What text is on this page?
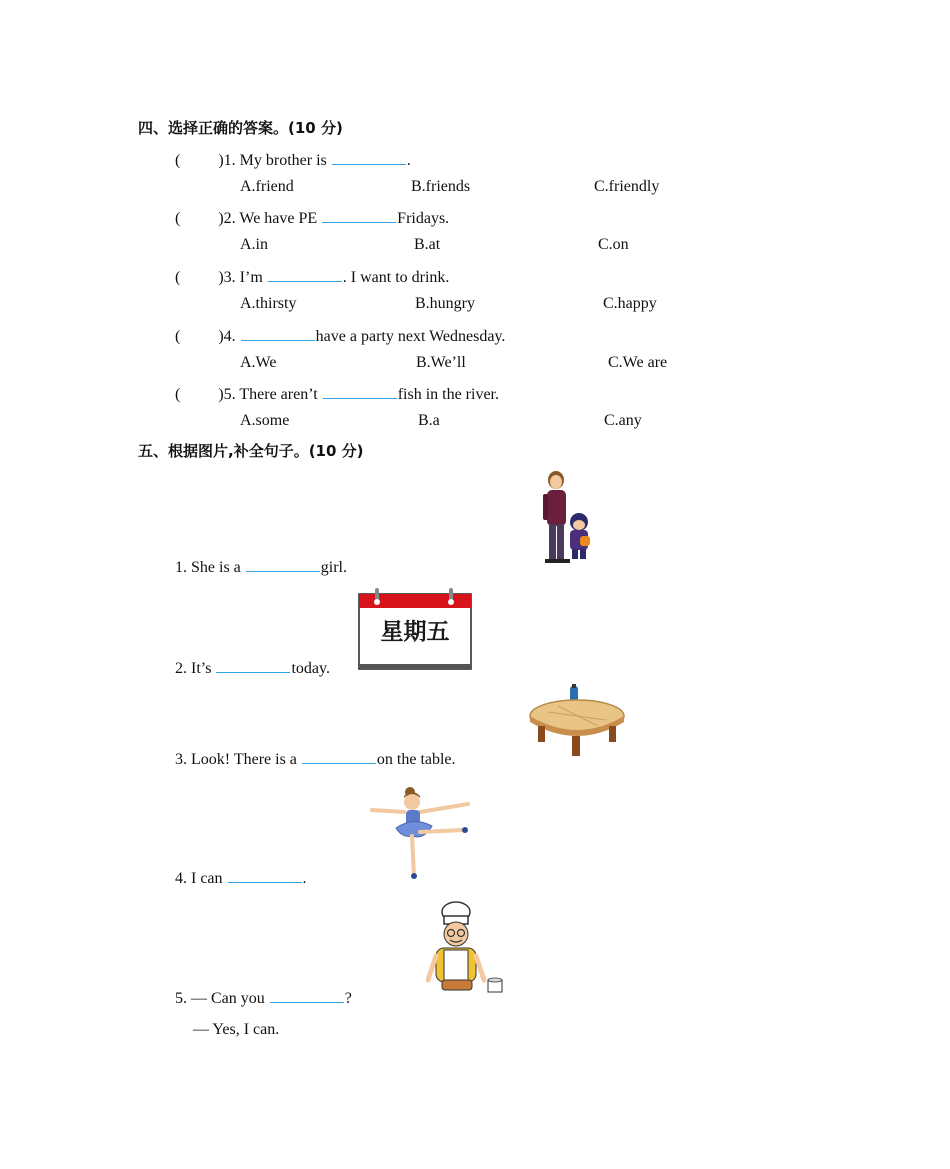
四、选择正确的答案。(10 分)
( )1. My brother is	.
A.friend	B.friends	C.friendly
( )2. We have PE	Fridays.
A.in	B.at	C.on
( )3. I’m	. I want to drink.
A.thirsty	B.hungry	C.happy
( )4.	have a party next Wednesday.
A.We	B.We’ll	C.We are
( )5. There aren’t	fish in the river.
A.some	B.a	C.any
五、根据图片,补全句子。(10 分)
1. She is a	girl.
星期五
2. It’s	today.
3. Look! There is a	on the table.
4. I can	.
5. — Can you	?
— Yes, I can.
